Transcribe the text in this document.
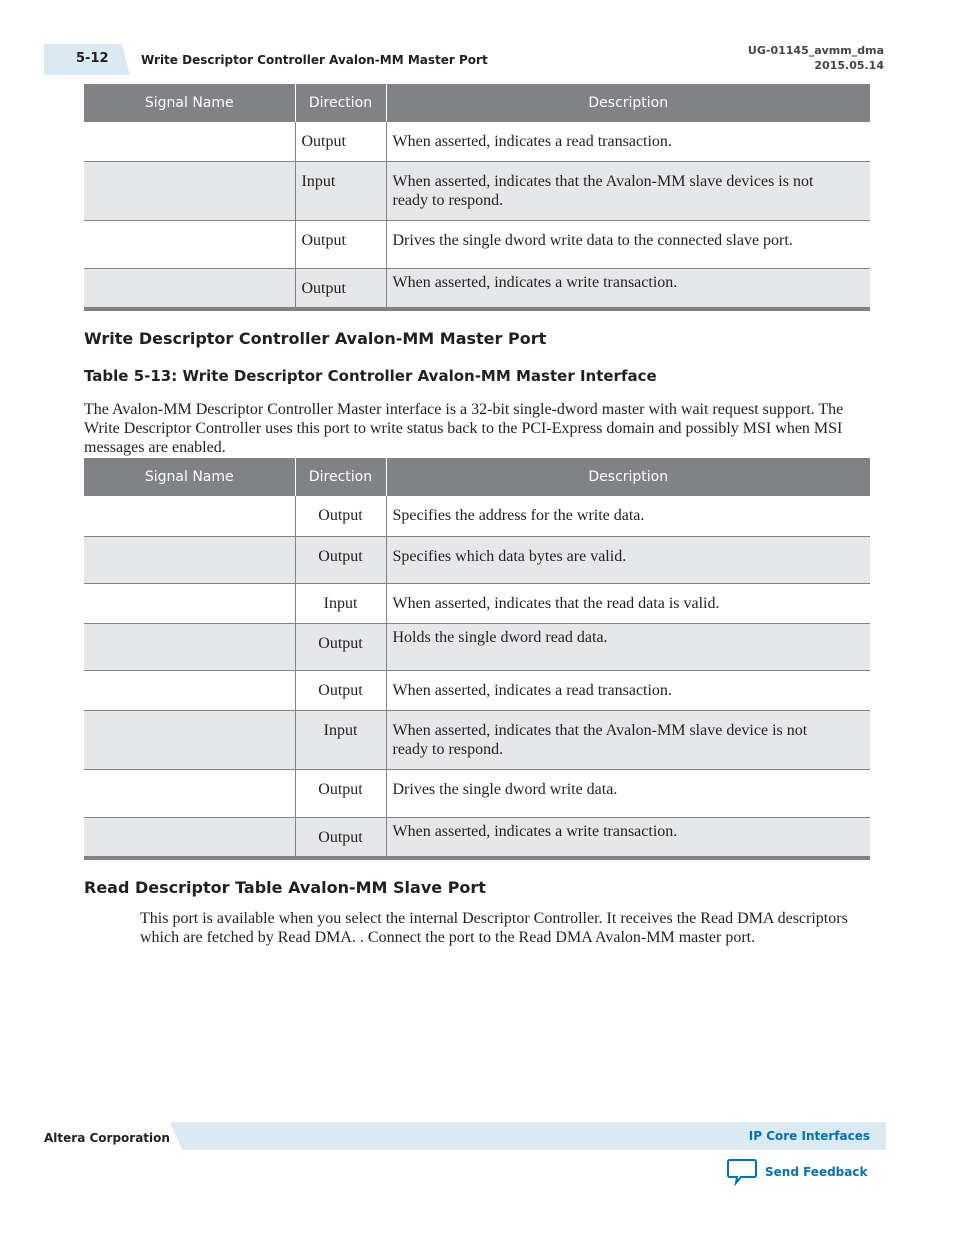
5-12	Write Descriptor Controller Avalon-MM Master Port
UG-01145_avmm_dma
2015.05.14
Signal Name	Direction	Description
	Output	When asserted, indicates a read transaction.
	Input	When asserted, indicates that the Avalon-MM slave devices is not ready to respond.
	Output	Drives the single dword write data to the connected slave port.
	Output	When asserted, indicates a write transaction.
Write Descriptor Controller Avalon-MM Master Port
Table 5-13: Write Descriptor Controller Avalon-MM Master Interface
The Avalon-MM Descriptor Controller Master interface is a 32-bit single-dword master with wait request support. The Write Descriptor Controller uses this port to write status back to the PCI-Express domain and possibly MSI when MSI messages are enabled.
Signal Name	Direction	Description
	Output	Specifies the address for the write data.
	Output	Specifies which data bytes are valid.
	Input	When asserted, indicates that the read data is valid.
	Output	Holds the single dword read data.
	Output	When asserted, indicates a read transaction.
	Input	When asserted, indicates that the Avalon-MM slave device is not ready to respond.
	Output	Drives the single dword write data.
	Output	When asserted, indicates a write transaction.
Read Descriptor Table Avalon-MM Slave Port
This port is available when you select the internal Descriptor Controller. It receives the Read DMA descriptors which are fetched by Read DMA. . Connect the port to the Read DMA Avalon-MM master port.
Altera Corporation	IP Core Interfaces
Send Feedback
